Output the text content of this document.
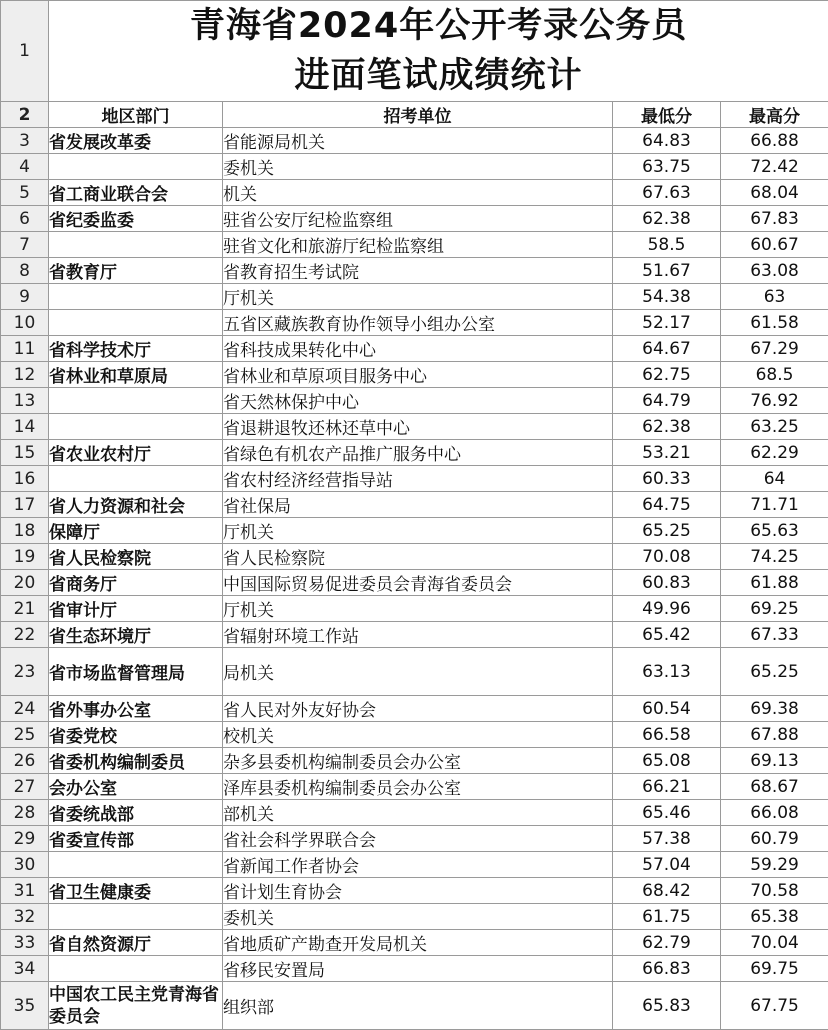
1	青海省2024年公开考录公务员
进面笔试成绩统计			

2	地区部门	招考单位	最低分	最高分
3	省发展改革委	省能源局机关	64.83	66.88
4		委机关	63.75	72.42
5	省工商业联合会	机关	67.63	68.04
6	省纪委监委	驻省公安厅纪检监察组	62.38	67.83
7		驻省文化和旅游厅纪检监察组	58.5	60.67
8	省教育厅	省教育招生考试院	51.67	63.08
9		厅机关	54.38	63
10		五省区藏族教育协作领导小组办公室	52.17	61.58
11	省科学技术厅	省科技成果转化中心	64.67	67.29
12	省林业和草原局	省林业和草原项目服务中心	62.75	68.5
13		省天然林保护中心	64.79	76.92
14		省退耕退牧还林还草中心	62.38	63.25
15	省农业农村厅	省绿色有机农产品推广服务中心	53.21	62.29
16		省农村经济经营指导站	60.33	64
17	省人力资源和社会	省社保局	64.75	71.71
18	保障厅	厅机关	65.25	65.63
19	省人民检察院	省人民检察院	70.08	74.25
20	省商务厅	中国国际贸易促进委员会青海省委员会	60.83	61.88
21	省审计厅	厅机关	49.96	69.25
22	省生态环境厅	省辐射环境工作站	65.42	67.33
23	省市场监督管理局	局机关	63.13	65.25
24	省外事办公室	省人民对外友好协会	60.54	69.38
25	省委党校	校机关	66.58	67.88
26	省委机构编制委员	杂多县委机构编制委员会办公室	65.08	69.13
27	会办公室	泽库县委机构编制委员会办公室	66.21	68.67
28	省委统战部	部机关	65.46	66.08
29	省委宣传部	省社会科学界联合会	57.38	60.79
30		省新闻工作者协会	57.04	59.29
31	省卫生健康委	省计划生育协会	68.42	70.58
32		委机关	61.75	65.38
33	省自然资源厅	省地质矿产勘查开发局机关	62.79	70.04
34		省移民安置局	66.83	69.75
35	中国农工民主党青海省委员会	组织部	65.83	67.75
